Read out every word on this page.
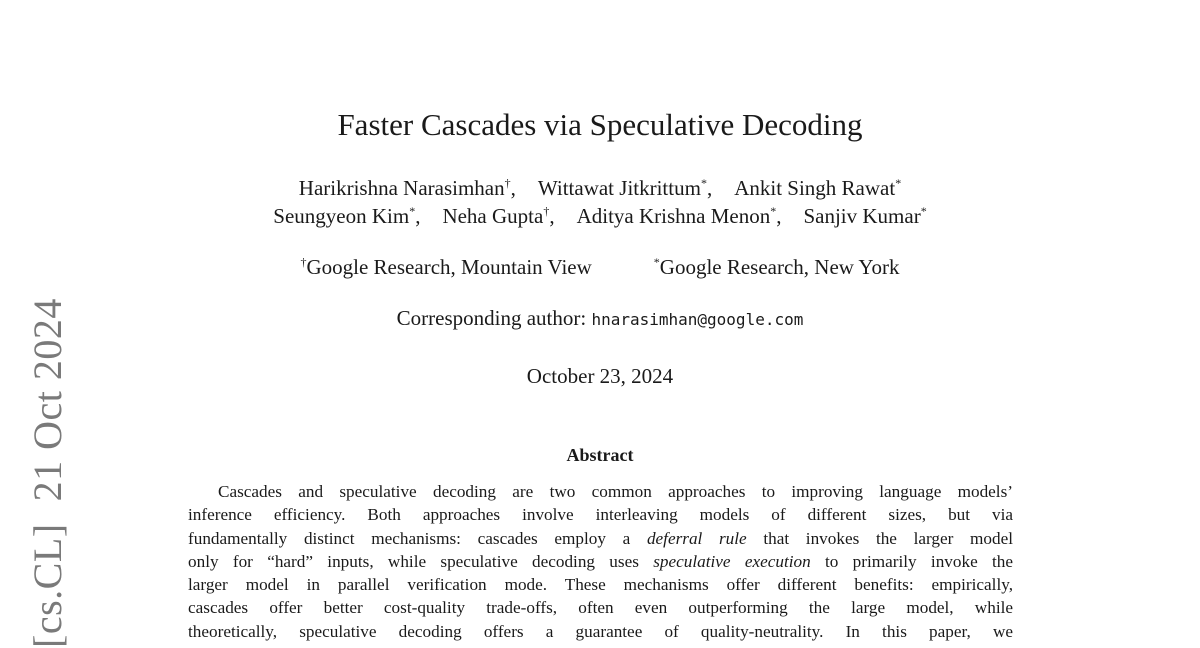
[cs.CL]21 Oct 2024
Faster Cascades via Speculative Decoding
Harikrishna Narasimhan†, Wittawat Jitkrittum*, Ankit Singh Rawat*
Seungyeon Kim*, Neha Gupta†, Aditya Krishna Menon*, Sanjiv Kumar*
†Google Research, Mountain View	*Google Research, New York
Corresponding author: hnarasimhan@google.com
October 23, 2024
Abstract
Cascades and speculative decoding are two common approaches to improving language models’
inference efficiency. Both approaches involve interleaving models of different sizes, but via
fundamentally distinct mechanisms: cascades employ a deferral rule that invokes the larger model
only for “hard” inputs, while speculative decoding uses speculative execution to primarily invoke the
larger model in parallel verification mode. These mechanisms offer different benefits: empirically,
cascades offer better cost-quality trade-offs, often even outperforming the large model, while
theoretically, speculative decoding offers a guarantee of quality-neutrality. In this paper, we
